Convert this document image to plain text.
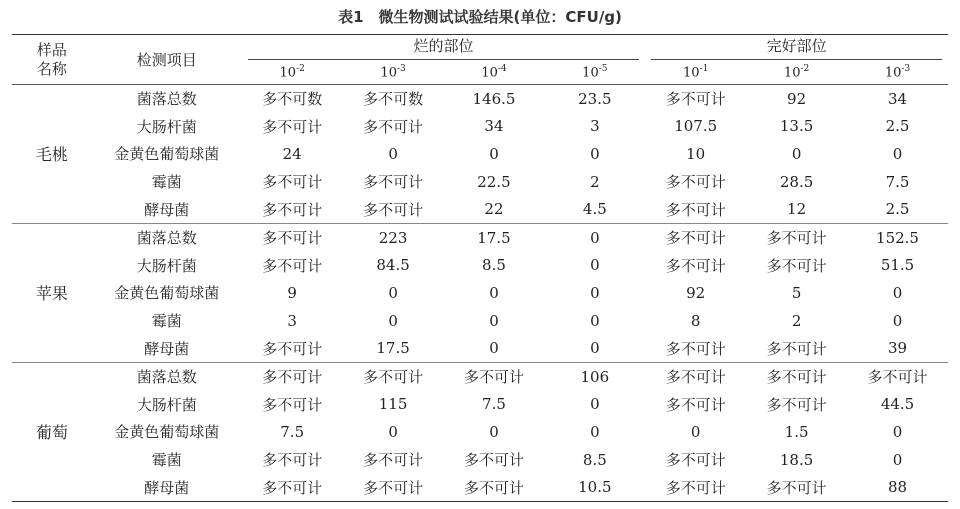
表1　微生物测试试验结果(单位：CFU/g)
样品
名称	检测项目	烂的部位				完好部位		

		$10^{-2}$	$10^{-3}$	$10^{-4}$	$10^{-5}$	$10^{-1}$	$10^{-2}$	$10^{-3}$
毛桃	菌落总数	多不可数	多不可数	146.5	23.5	多不可计	92	34
	大肠杆菌	多不可计	多不可计	34	3	107.5	13.5	2.5
	金黄色葡萄球菌	24	0	0	0	10	0	0
	霉菌	多不可计	多不可计	22.5	2	多不可计	28.5	7.5
	酵母菌	多不可计	多不可计	22	4.5	多不可计	12	2.5
苹果	菌落总数	多不可计	223	17.5	0	多不可计	多不可计	152.5
	大肠杆菌	多不可计	84.5	8.5	0	多不可计	多不可计	51.5
	金黄色葡萄球菌	9	0	0	0	92	5	0
	霉菌	3	0	0	0	8	2	0
	酵母菌	多不可计	17.5	0	0	多不可计	多不可计	39
葡萄	菌落总数	多不可计	多不可计	多不可计	106	多不可计	多不可计	多不可计
	大肠杆菌	多不可计	115	7.5	0	多不可计	多不可计	44.5
	金黄色葡萄球菌	7.5	0	0	0	0	1.5	0
	霉菌	多不可计	多不可计	多不可计	8.5	多不可计	18.5	0
	酵母菌	多不可计	多不可计	多不可计	10.5	多不可计	多不可计	88
